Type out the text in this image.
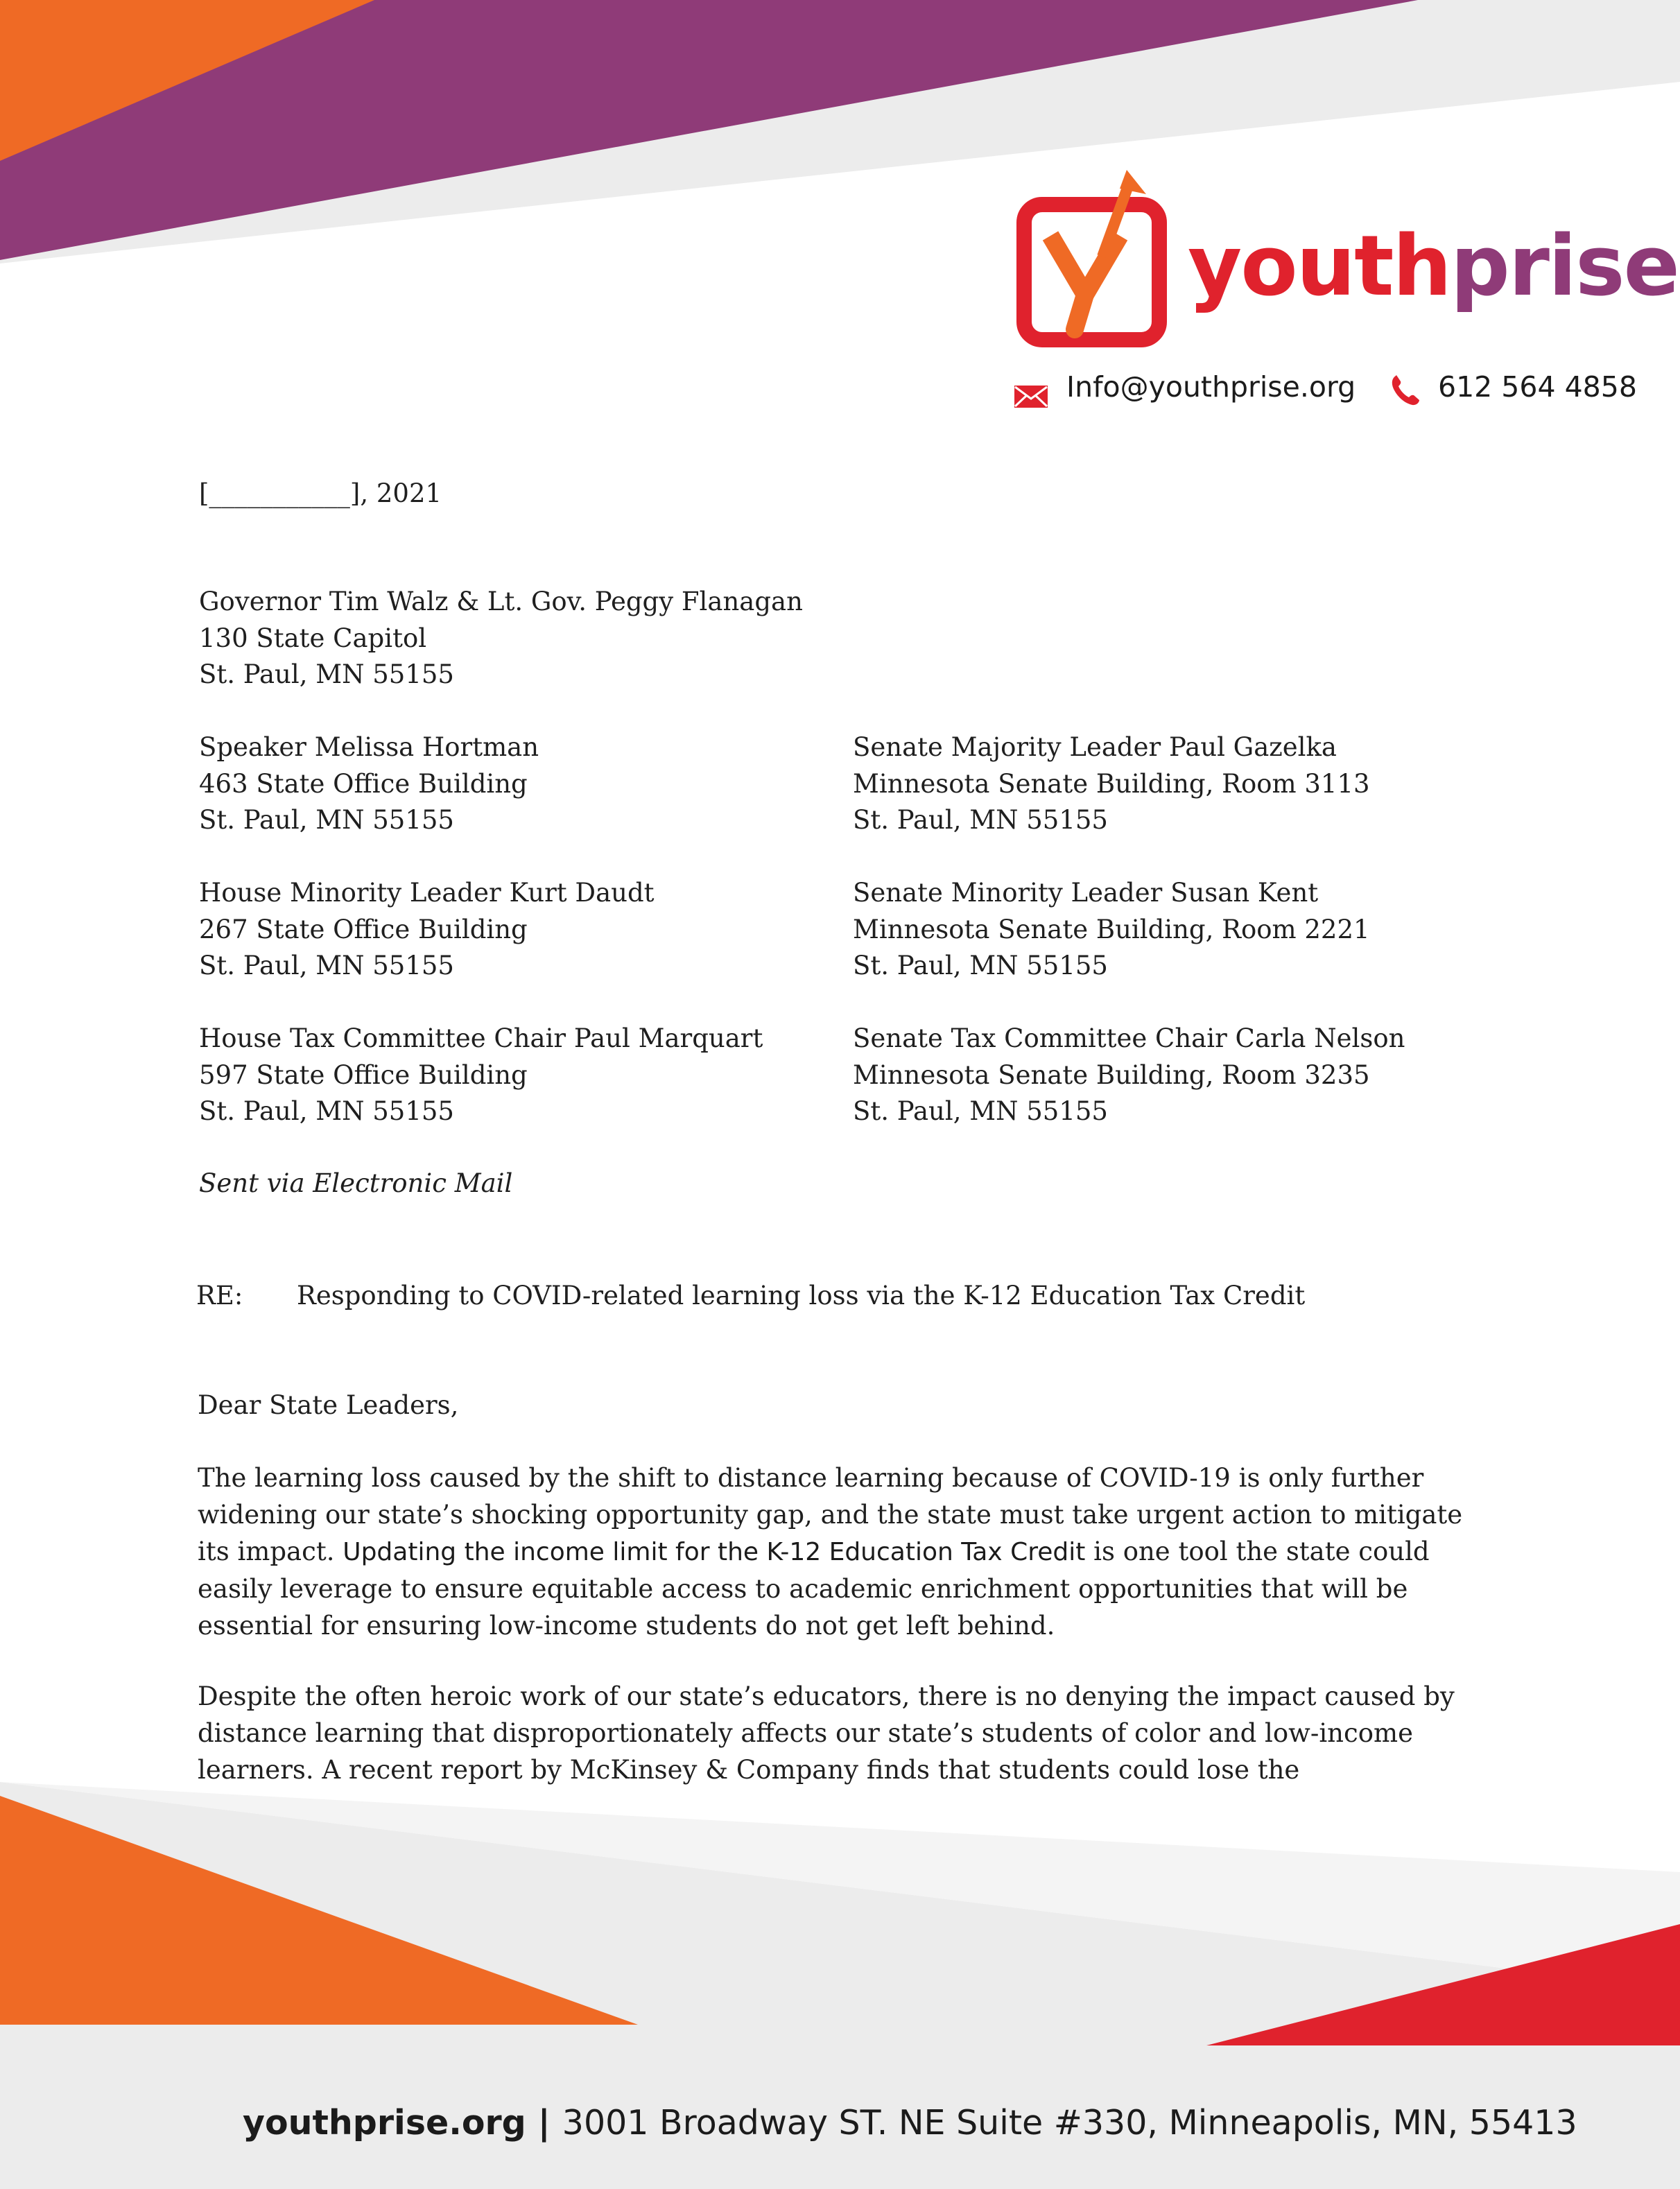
youthprise
Info@youthprise.org	612 564 4858
[___________], 2021
Governor Tim Walz & Lt. Gov. Peggy Flanagan
130 State Capitol
St. Paul, MN 55155
Speaker Melissa Hortman
463 State Office Building
St. Paul, MN 55155
Senate Majority Leader Paul Gazelka
Minnesota Senate Building, Room 3113
St. Paul, MN 55155
House Minority Leader Kurt Daudt
267 State Office Building
St. Paul, MN 55155
Senate Minority Leader Susan Kent
Minnesota Senate Building, Room 2221
St. Paul, MN 55155
House Tax Committee Chair Paul Marquart
597 State Office Building
St. Paul, MN 55155
Senate Tax Committee Chair Carla Nelson
Minnesota Senate Building, Room 3235
St. Paul, MN 55155
Sent via Electronic Mail
RE: Responding to COVID-related learning loss via the K-12 Education Tax Credit
Dear State Leaders,
The learning loss caused by the shift to distance learning because of COVID-19 is only further widening our state’s shocking opportunity gap, and the state must take urgent action to mitigate its impact. Updating the income limit for the K-12 Education Tax Credit is one tool the state could easily leverage to ensure equitable access to academic enrichment opportunities that will be essential for ensuring low-income students do not get left behind.
Despite the often heroic work of our state’s educators, there is no denying the impact caused by distance learning that disproportionately affects our state’s students of color and low-income learners. A recent report by McKinsey & Company finds that students could lose the
youthprise.org | 3001 Broadway ST. NE Suite #330, Minneapolis, MN, 55413
